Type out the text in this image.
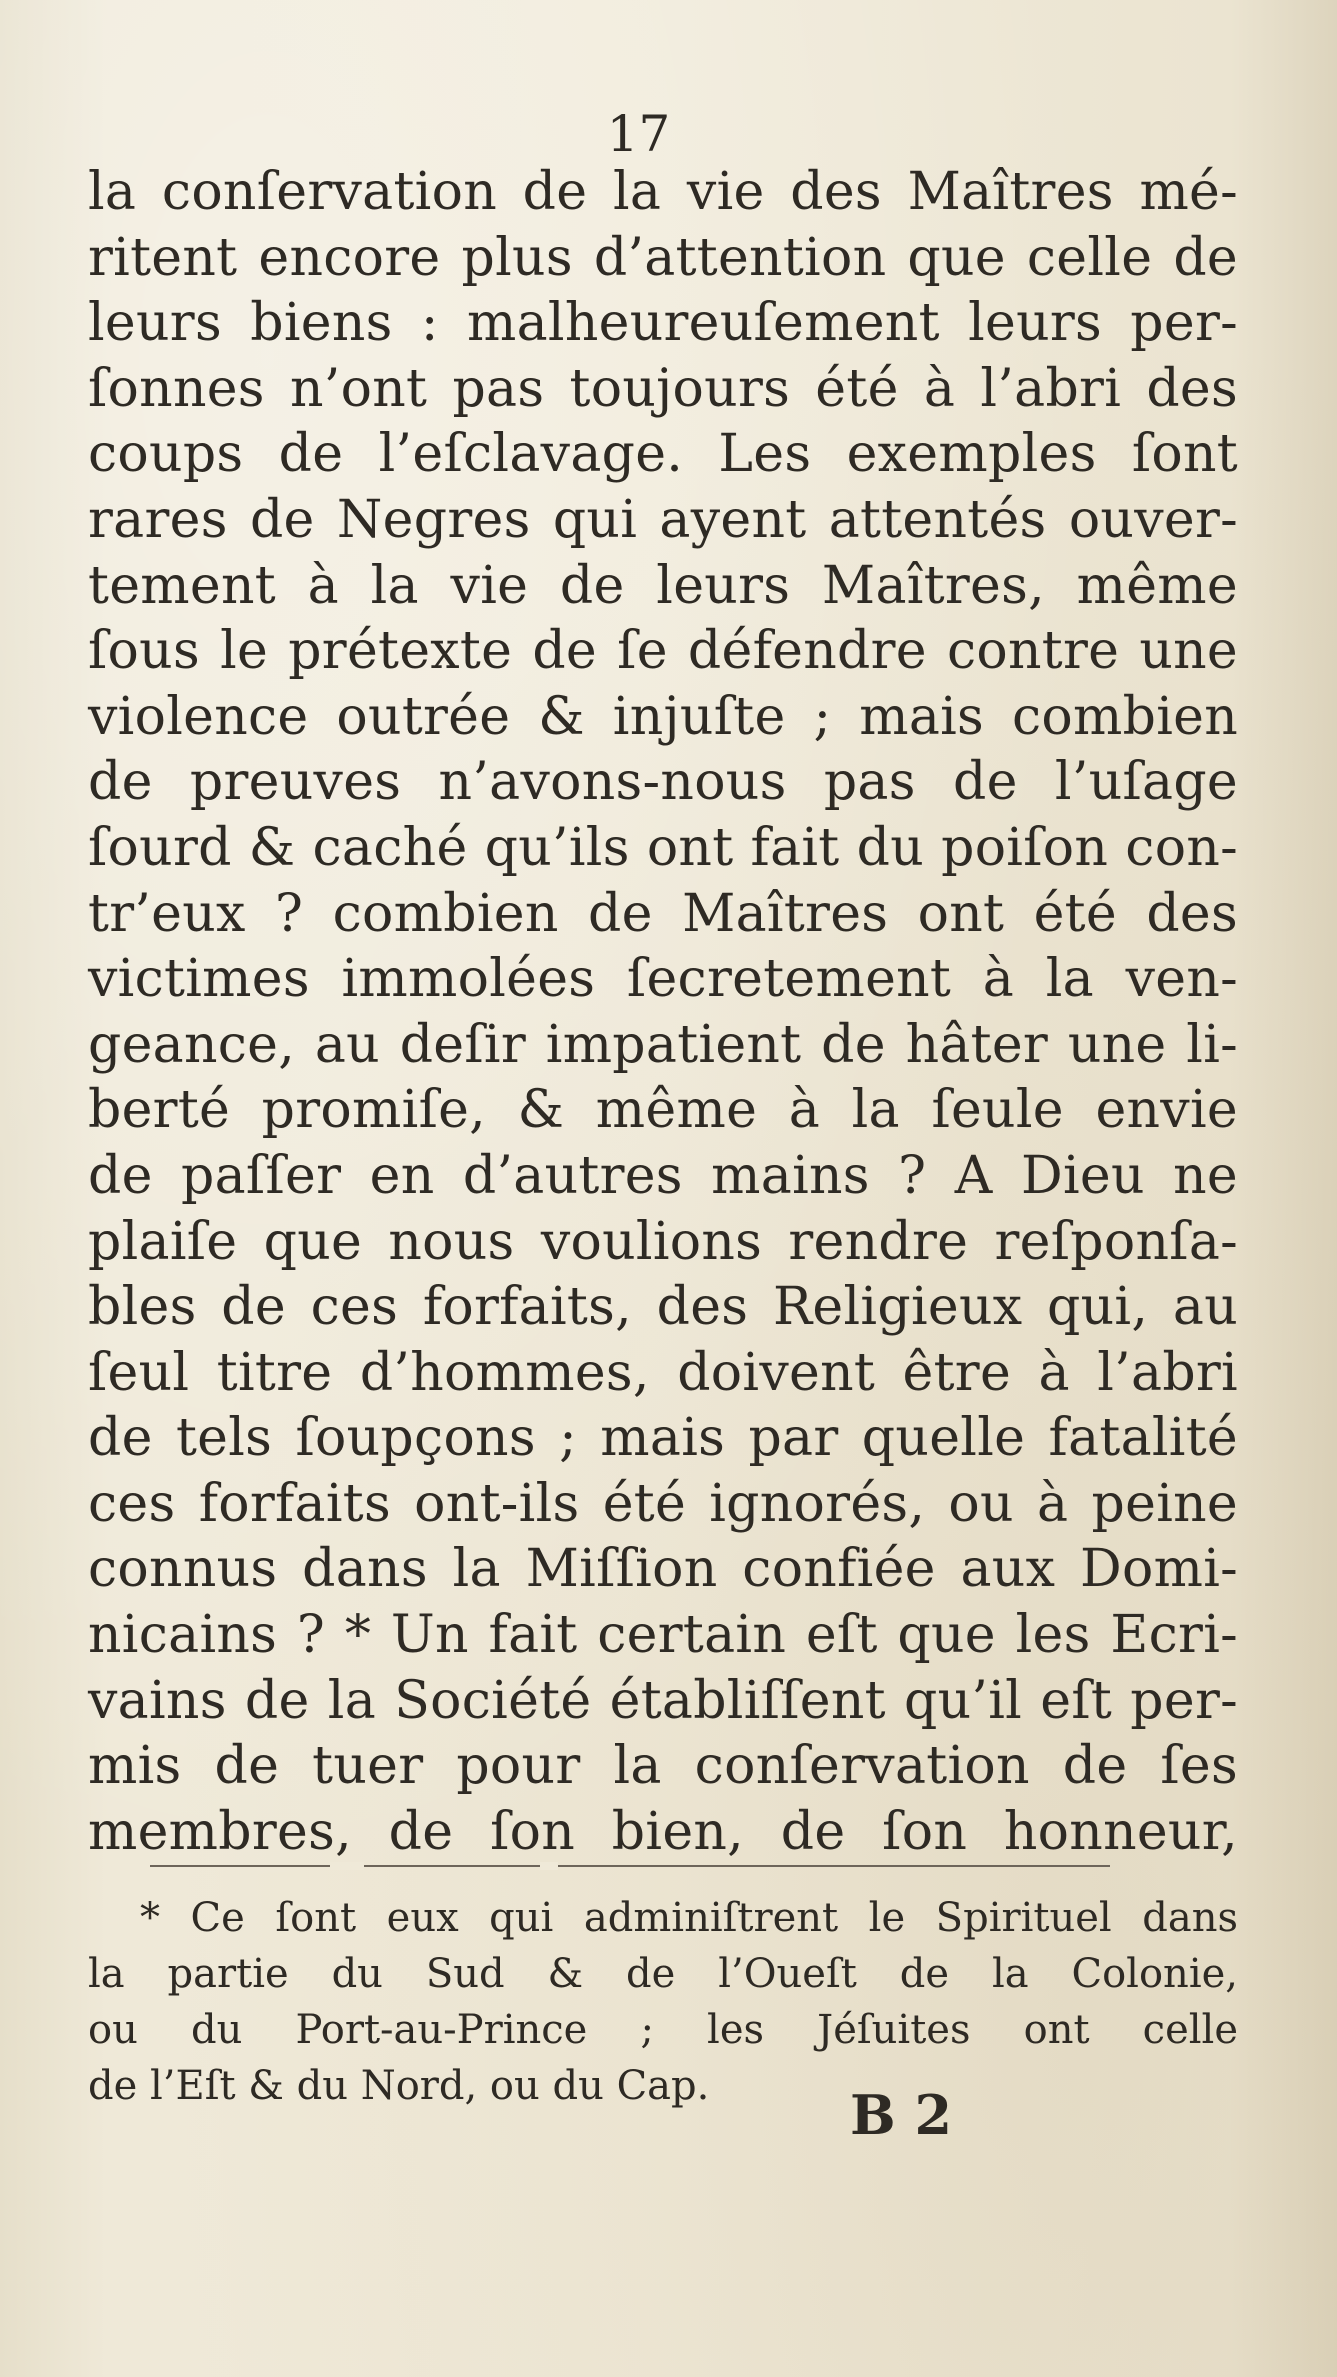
17
la conſervation de la vie des Maîtres mé-
ritent encore plus d’attention que celle de
leurs biens : malheureuſement leurs per-
ſonnes n’ont pas toujours été à l’abri des
coups de l’eſclavage. Les exemples ſont
rares de Negres qui ayent attentés ouver-
tement à la vie de leurs Maîtres, même
ſous le prétexte de ſe défendre contre une
violence outrée & injuſte ; mais combien
de preuves n’avons-nous pas de l’uſage
ſourd & caché qu’ils ont fait du poiſon con-
tr’eux ? combien de Maîtres ont été des
victimes immolées ſecretement à la ven-
geance, au deſir impatient de hâter une li-
berté promiſe, & même à la ſeule envie
de paſſer en d’autres mains ? A Dieu ne
plaiſe que nous voulions rendre reſponſa-
bles de ces forfaits, des Religieux qui, au
ſeul titre d’hommes, doivent être à l’abri
de tels ſoupçons ; mais par quelle fatalité
ces forfaits ont-ils été ignorés, ou à peine
connus dans la Miſſion confiée aux Domi-
nicains ? * Un fait certain eſt que les Ecri-
vains de la Société établiſſent qu’il eſt per-
mis de tuer pour la conſervation de ſes
membres, de ſon bien, de ſon honneur,
* Ce ſont eux qui adminiſtrent le Spirituel dans
la partie du Sud & de l’Oueſt de la Colonie,
ou du Port-au-Prince ; les Jéſuites ont celle
de l’Eſt & du Nord, ou du Cap.	B 2
